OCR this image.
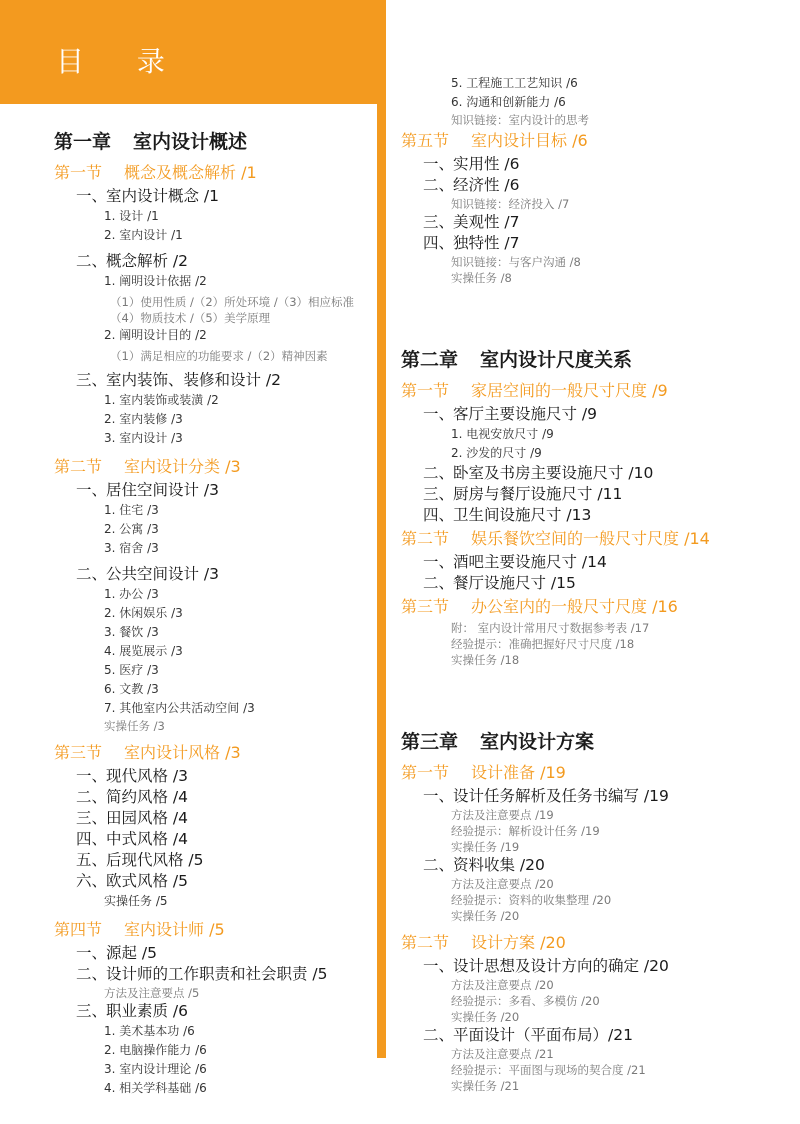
目 录
第一章 室内设计概述
第一节 概念及概念解析 /1
一、室内设计概念 /1
1. 设计 /1
2. 室内设计 /1
二、概念解析 /2
1. 阐明设计依据 /2
（1）使用性质 /（2）所处环境 /（3）相应标准
（4）物质技术 /（5）美学原理
2. 阐明设计目的 /2
（1）满足相应的功能要求 /（2）精神因素
三、室内装饰、装修和设计 /2
1. 室内装饰或装潢 /2
2. 室内装修 /3
3. 室内设计 /3
第二节 室内设计分类 /3
一、居住空间设计 /3
1. 住宅 /3
2. 公寓 /3
3. 宿舍 /3
二、公共空间设计 /3
1. 办公 /3
2. 休闲娱乐 /3
3. 餐饮 /3
4. 展览展示 /3
5. 医疗 /3
6. 文教 /3
7. 其他室内公共活动空间 /3
实操任务 /3
第三节 室内设计风格 /3
一、现代风格 /3
二、简约风格 /4
三、田园风格 /4
四、中式风格 /4
五、后现代风格 /5
六、欧式风格 /5
实操任务 /5
第四节 室内设计师 /5
一、源起 /5
二、设计师的工作职责和社会职责 /5
方法及注意要点 /5
三、职业素质 /6
1. 美术基本功 /6
2. 电脑操作能力 /6
3. 室内设计理论 /6
4. 相关学科基础 /6
5. 工程施工工艺知识 /6
6. 沟通和创新能力 /6
知识链接：室内设计的思考
第五节 室内设计目标 /6
一、实用性 /6
二、经济性 /6
知识链接：经济投入 /7
三、美观性 /7
四、独特性 /7
知识链接：与客户沟通 /8
实操任务 /8
第二章 室内设计尺度关系
第一节 家居空间的一般尺寸尺度 /9
一、客厅主要设施尺寸 /9
1. 电视安放尺寸 /9
2. 沙发的尺寸 /9
二、卧室及书房主要设施尺寸 /10
三、厨房与餐厅设施尺寸 /11
四、卫生间设施尺寸 /13
第二节 娱乐餐饮空间的一般尺寸尺度 /14
一、酒吧主要设施尺寸 /14
二、餐厅设施尺寸 /15
第三节 办公室内的一般尺寸尺度 /16
附： 室内设计常用尺寸数据参考表 /17
经验提示：准确把握好尺寸尺度 /18
实操任务 /18
第三章 室内设计方案
第一节 设计准备 /19
一、设计任务解析及任务书编写 /19
方法及注意要点 /19
经验提示：解析设计任务 /19
实操任务 /19
二、资料收集 /20
方法及注意要点 /20
经验提示：资料的收集整理 /20
实操任务 /20
第二节 设计方案 /20
一、设计思想及设计方向的确定 /20
方法及注意要点 /20
经验提示：多看、多模仿 /20
实操任务 /20
二、平面设计（平面布局）/21
方法及注意要点 /21
经验提示：平面图与现场的契合度 /21
实操任务 /21
